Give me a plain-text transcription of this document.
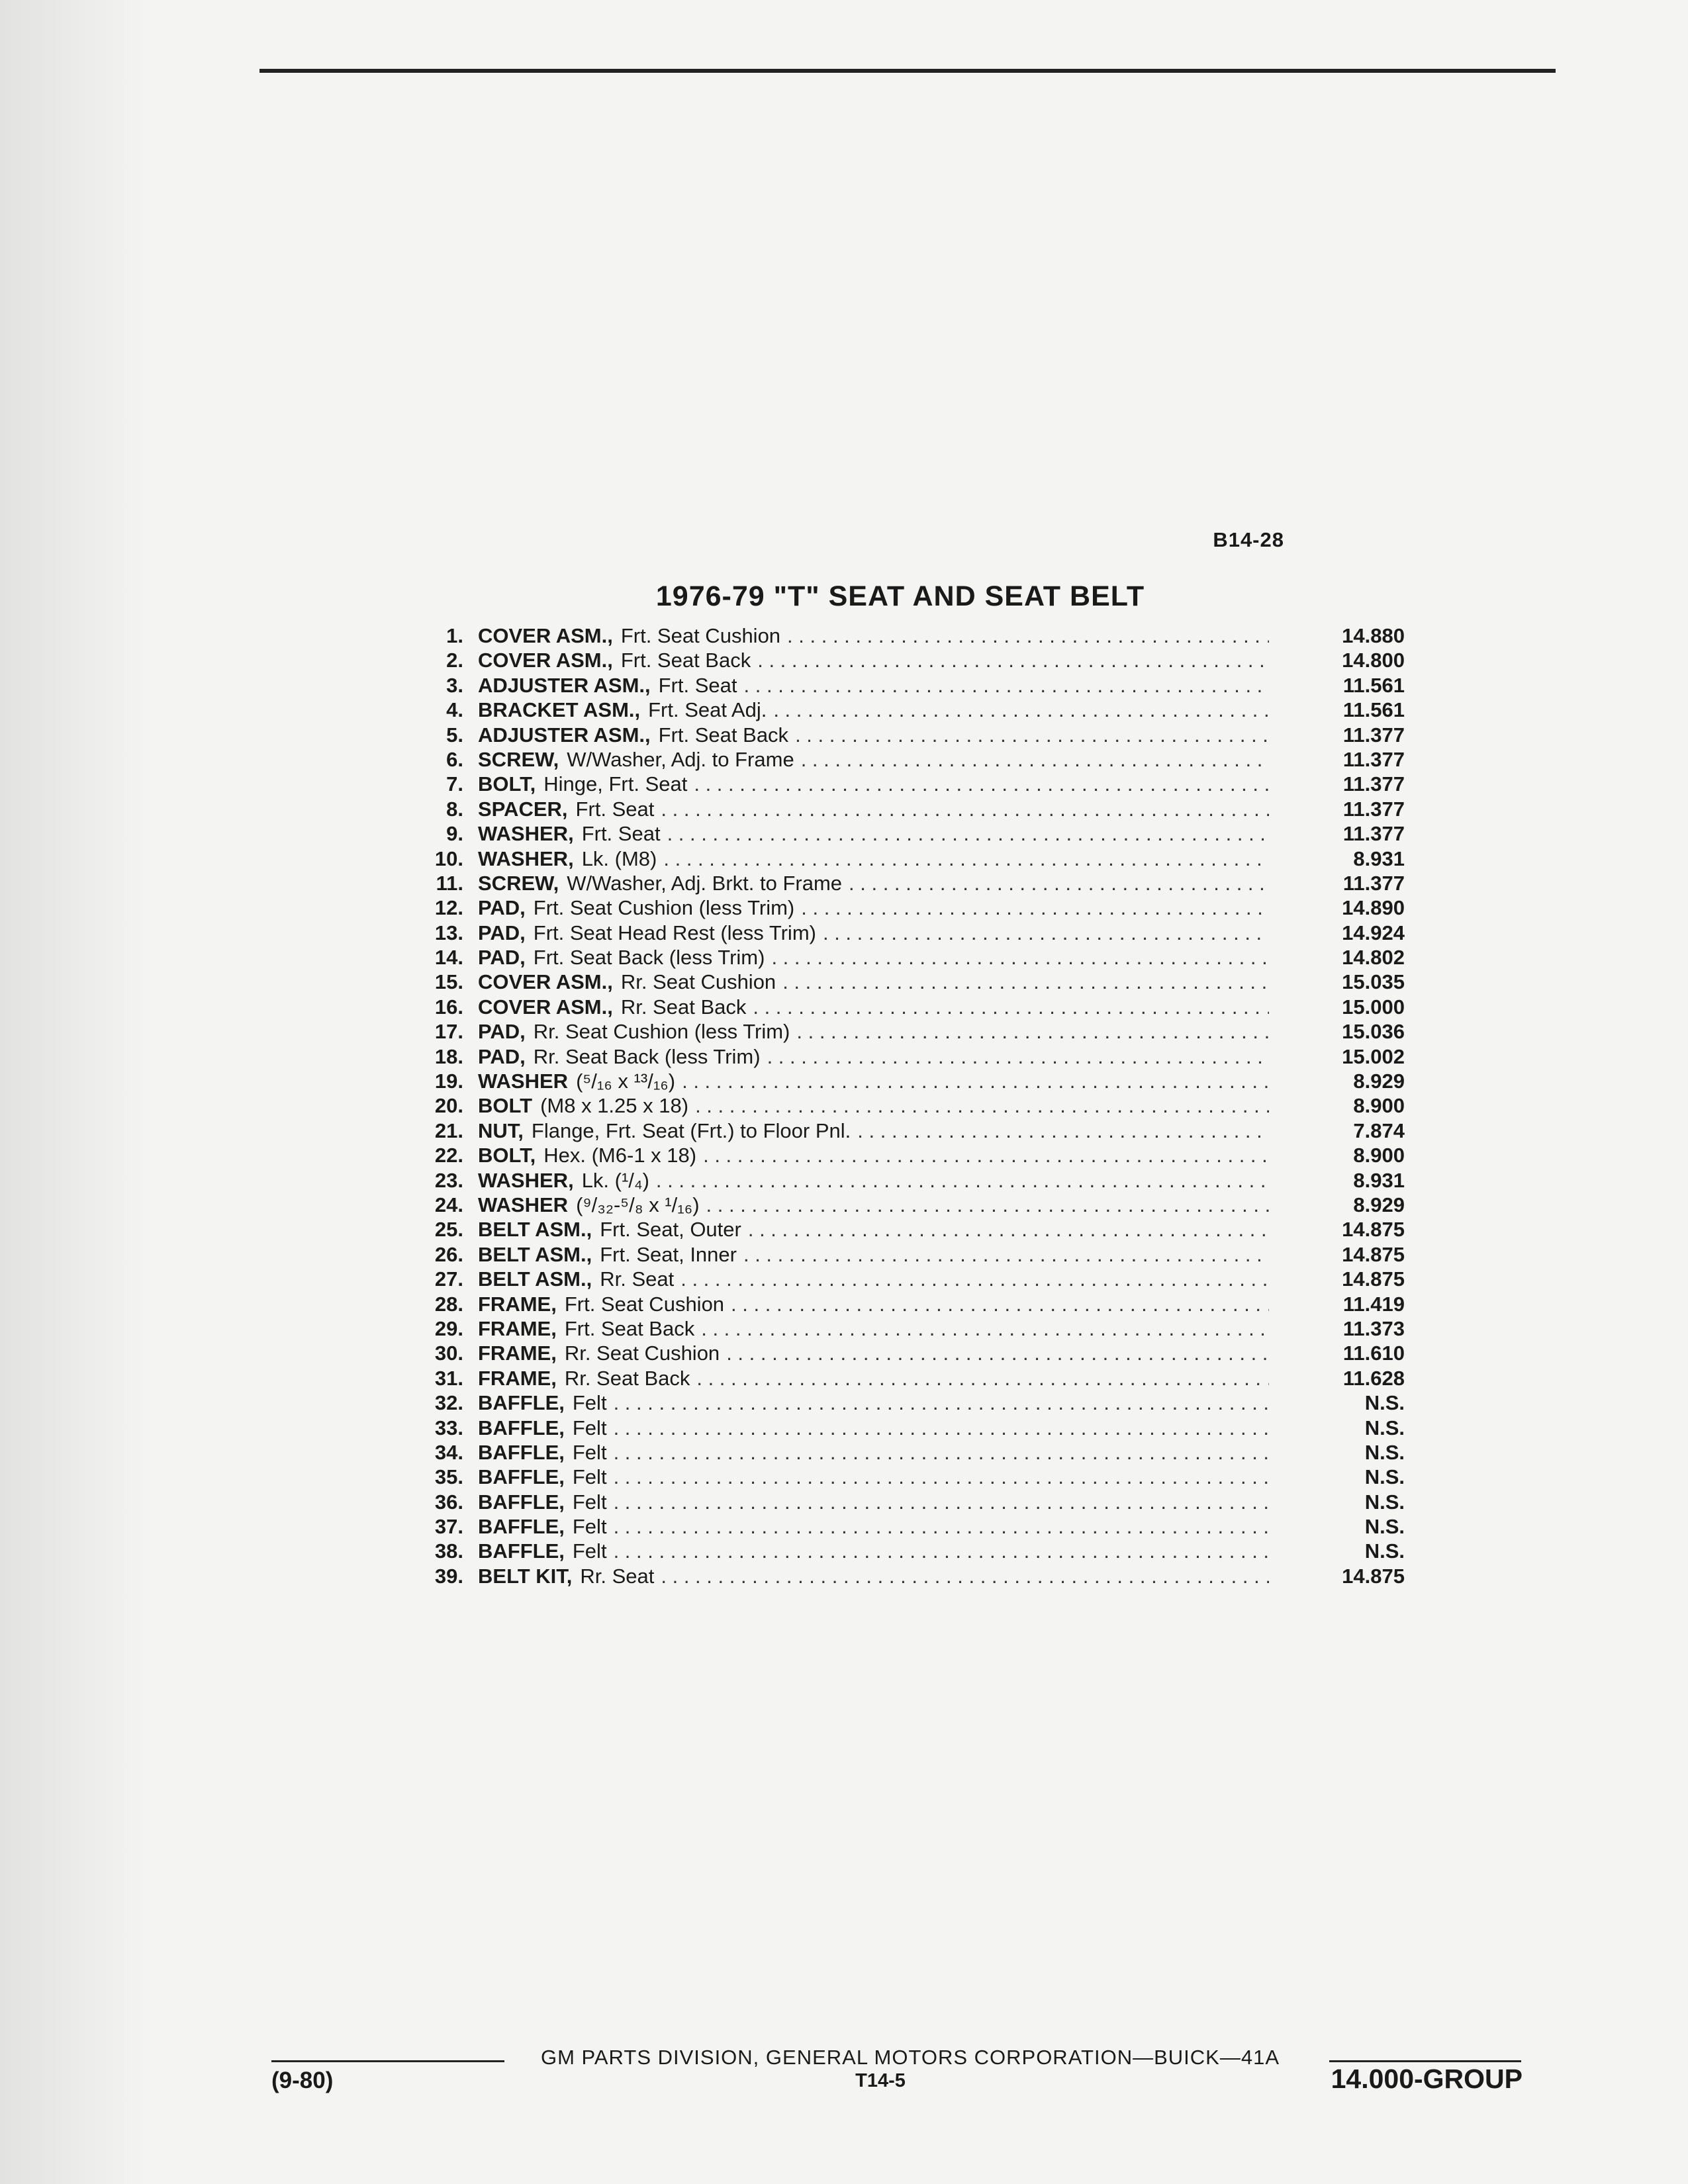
B14-28
1976-79 "T" SEAT AND SEAT BELT
1. COVER ASM., Frt. Seat Cushion . . .	14.880
2. COVER ASM., Frt. Seat Back . . .	14.800
3. ADJUSTER ASM., Frt. Seat . . .	11.561
4. BRACKET ASM., Frt. Seat Adj. . . .	11.561
5. ADJUSTER ASM., Frt. Seat Back . . .	11.377
6. SCREW, W/Washer, Adj. to Frame . . .	11.377
7. BOLT, Hinge, Frt. Seat . . .	11.377
8. SPACER, Frt. Seat . . .	11.377
9. WASHER, Frt. Seat . . .	11.377
10. WASHER, Lk. (M8) . . .	8.931
11. SCREW, W/Washer, Adj. Brkt. to Frame . . .	11.377
12. PAD, Frt. Seat Cushion (less Trim) . . .	14.890
13. PAD, Frt. Seat Head Rest (less Trim) . . .	14.924
14. PAD, Frt. Seat Back (less Trim) . . .	14.802
15. COVER ASM., Rr. Seat Cushion . . .	15.035
16. COVER ASM., Rr. Seat Back . . .	15.000
17. PAD, Rr. Seat Cushion (less Trim) . . .	15.036
18. PAD, Rr. Seat Back (less Trim) . . .	15.002
19. WASHER (⁵/₁₆ x ¹³/₁₆) . . .	8.929
20. BOLT (M8 x 1.25 x 18) . . .	8.900
21. NUT, Flange, Frt. Seat (Frt.) to Floor Pnl. . . .	7.874
22. BOLT, Hex. (M6-1 x 18) . . .	8.900
23. WASHER, Lk. (¹/₄) . . .	8.931
24. WASHER (⁹/₃₂-⁵/₈ x ¹/₁₆) . . .	8.929
25. BELT ASM., Frt. Seat, Outer . . .	14.875
26. BELT ASM., Frt. Seat, Inner . . .	14.875
27. BELT ASM., Rr. Seat . . .	14.875
28. FRAME, Frt. Seat Cushion . . .	11.419
29. FRAME, Frt. Seat Back . . .	11.373
30. FRAME, Rr. Seat Cushion . . .	11.610
31. FRAME, Rr. Seat Back . . .	11.628
32. BAFFLE, Felt . . .	N.S.
33. BAFFLE, Felt . . .	N.S.
34. BAFFLE, Felt . . .	N.S.
35. BAFFLE, Felt . . .	N.S.
36. BAFFLE, Felt . . .	N.S.
37. BAFFLE, Felt . . .	N.S.
38. BAFFLE, Felt . . .	N.S.
39. BELT KIT, Rr. Seat . . .	14.875
GM PARTS DIVISION, GENERAL MOTORS CORPORATION—BUICK—41A
(9-80)	T14-5	14.000-GROUP
